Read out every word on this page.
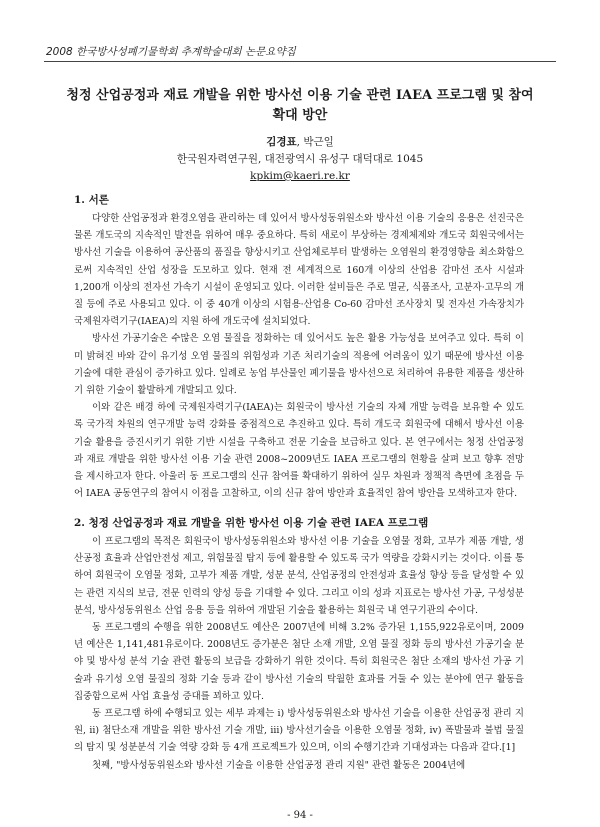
2008 한국방사성폐기물학회 추계학술대회 논문요약집
청정 산업공정과 재료 개발을 위한 방사선 이용 기술 관련 IAEA 프로그램 및 참여 확대 방안
김경표, 박근일
한국원자력연구원, 대전광역시 유성구 대덕대로 1045
kpkim@kaeri.re.kr
1. 서론

다양한 산업공정과 환경오염을 관리하는 데 있어서 방사성동위원소와 방사선 이용 기술의 응용은 선진국은 물론 개도국의 지속적인 발전을 위하여 매우 중요하다. 특히 새로이 부상하는 경제체제와 개도국 회원국에서는 방사선 기술을 이용하여 공산품의 품질을 향상시키고 산업체로부터 발생하는 오염원의 환경영향을 최소화함으로써 지속적인 산업 성장을 도모하고 있다. 현재 전 세계적으로 160개 이상의 산업용 감마선 조사 시설과 1,200개 이상의 전자선 가속기 시설이 운영되고 있다. 이러한 설비들은 주로 멸균, 식품조사, 고분자·고무의 개질 등에 주로 사용되고 있다. 이 중 40개 이상의 시험용·산업용 Co-60 감마선 조사장치 및 전자선 가속장치가 국제원자력기구(IAEA)의 지원 하에 개도국에 설치되었다.

방사선 가공기술은 수많은 오염 물질을 정화하는 데 있어서도 높은 활용 가능성을 보여주고 있다. 특히 이미 밝혀진 바와 같이 유기성 오염 물질의 위험성과 기존 처리기술의 적용에 어려움이 있기 때문에 방사선 이용 기술에 대한 관심이 증가하고 있다. 일례로 농업 부산물인 폐기물을 방사선으로 처리하여 유용한 제품을 생산하기 위한 기술이 활발하게 개발되고 있다.

이와 같은 배경 하에 국제원자력기구(IAEA)는 회원국이 방사선 기술의 자체 개발 능력을 보유할 수 있도록 국가적 차원의 연구개발 능력 강화를 중점적으로 추진하고 있다. 특히 개도국 회원국에 대해서 방사선 이용 기술 활용을 증진시키기 위한 기반 시설을 구축하고 전문 기술을 보급하고 있다. 본 연구에서는 청정 산업공정과 재료 개발을 위한 방사선 이용 기술 관련 2008~2009년도 IAEA 프로그램의 현황을 살펴 보고 향후 전망을 제시하고자 한다. 아울러 동 프로그램의 신규 참여를 확대하기 위하여 실무 차원과 정책적 측면에 초점을 두어 IAEA 공동연구의 참여시 이점을 고찰하고, 이의 신규 참여 방안과 효율적인 참여 방안을 모색하고자 한다.

2. 청정 산업공정과 재료 개발을 위한 방사선 이용 기술 관련 IAEA 프로그램

이 프로그램의 목적은 회원국이 방사성동위원소와 방사선 이용 기술을 오염물 정화, 고부가 제품 개발, 생산공정 효율과 산업안전성 제고, 위험물질 탐지 등에 활용할 수 있도록 국가 역량을 강화시키는 것이다. 이를 통하여 회원국이 오염물 정화, 고부가 제품 개발, 성분 분석, 산업공정의 안전성과 효율성 향상 등을 달성할 수 있는 관련 지식의 보급, 전문 인력의 양성 등을 기대할 수 있다. 그리고 이의 성과 지표로는 방사선 가공, 구성성분 분석, 방사성동위원소 산업 응용 등을 위하여 개발된 기술을 활용하는 회원국 내 연구기관의 수이다.

동 프로그램의 수행을 위한 2008년도 예산은 2007년에 비해 3.2% 증가된 1,155,922유로이며, 2009년 예산은 1,141,481유로이다. 2008년도 증가분은 첨단 소재 개발, 오염 물질 정화 등의 방사선 가공기술 분야 및 방사성 분석 기술 관련 활동의 보급을 강화하기 위한 것이다. 특히 회원국은 첨단 소재의 방사선 가공 기술과 유기성 오염 물질의 정화 기술 등과 같이 방사선 기술의 탁월한 효과를 거둘 수 있는 분야에 연구 활동을 집중함으로써 사업 효율성 증대를 꾀하고 있다.

동 프로그램 하에 수행되고 있는 세부 과제는 i) 방사성동위원소와 방사선 기술을 이용한 산업공정 관리 지원, ii) 첨단소재 개발을 위한 방사선 기술 개발, iii) 방사선기술을 이용한 오염물 정화, iv) 폭발물과 불법 물질의 탐지 및 성분분석 기술 역량 강화 등 4개 프로젝트가 있으며, 이의 수행기간과 기대성과는 다음과 같다.[1]

첫째, "방사성동위원소와 방사선 기술을 이용한 산업공정 관리 지원" 관련 활동은 2004년에

- 94 -
